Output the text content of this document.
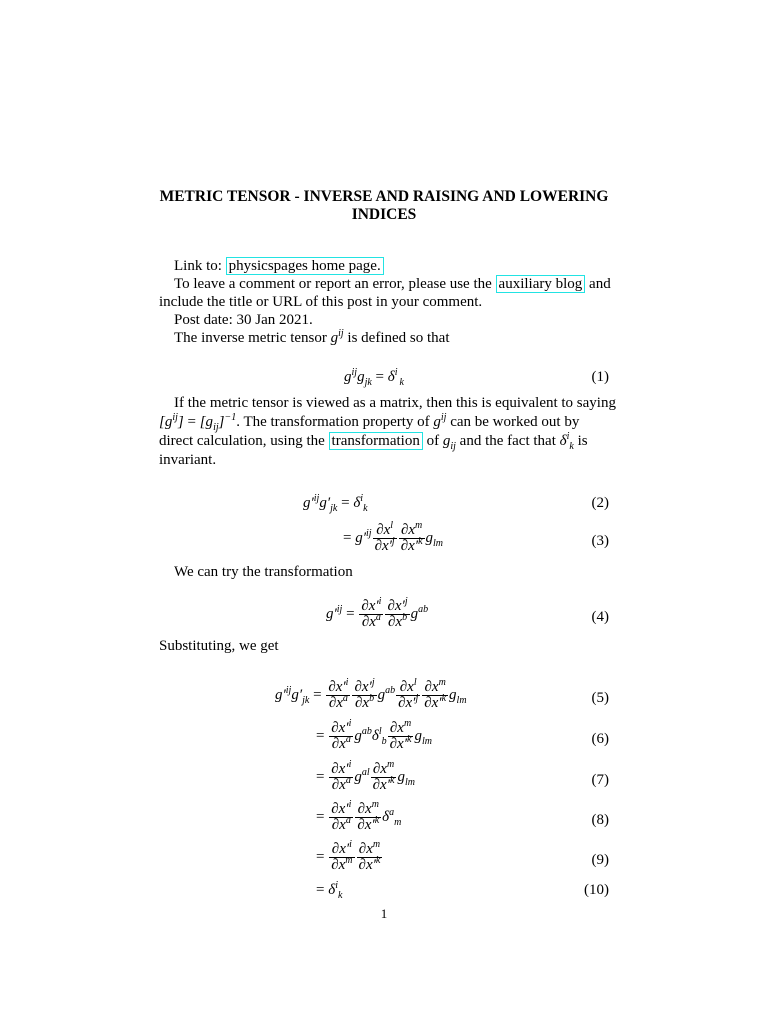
METRIC TENSOR - INVERSE AND RAISING AND LOWERING INDICES
Link to: physicspages home page.
To leave a comment or report an error, please use the auxiliary blog and
include the title or URL of this post in your comment.
Post date: 30 Jan 2021.
The inverse metric tensor $g^{ij}$ is defined so that
$g^{ij}g_{jk} = \delta^i_k$	(1)
If the metric tensor is viewed as a matrix, then this is equivalent to saying
$[g^{ij}] = [g_{ij}]^{-1}$. The transformation property of $g^{ij}$ can be worked out by
direct calculation, using the transformation of $g_{ij}$ and the fact that $\delta^i_k$ is
invariant.
$g'^{ij}g'_{jk} = \delta^i_k$	(2)
= $g'^{ij} \frac{\partial x^l}{\partial x'^j} \frac{\partial x^m}{\partial x'^k} g_{lm}$	(3)
We can try the transformation
$g'^{ij} = \frac{\partial x'^i}{\partial x^a} \frac{\partial x'^j}{\partial x^b} g^{ab}$	(4)
Substituting, we get
$g'^{ij}g'_{jk} = \frac{\partial x'^i}{\partial x^a} \frac{\partial x'^j}{\partial x^b} g^{ab} \frac{\partial x^l}{\partial x'^j} \frac{\partial x^m}{\partial x'^k} g_{lm}$	(5)
= $\frac{\partial x'^i}{\partial x^a} g^{ab}\delta^l_b \frac{\partial x^m}{\partial x'^k} g_{lm}$	(6)
= $\frac{\partial x'^i}{\partial x^a} g^{al} \frac{\partial x^m}{\partial x'^k} g_{lm}$	(7)
= $\frac{\partial x'^i}{\partial x^a} \frac{\partial x^m}{\partial x'^k} \delta^a_m$	(8)
= $\frac{\partial x'^i}{\partial x^m} \frac{\partial x^m}{\partial x'^k}$	(9)
= $\delta^i_k$	(10)
1
